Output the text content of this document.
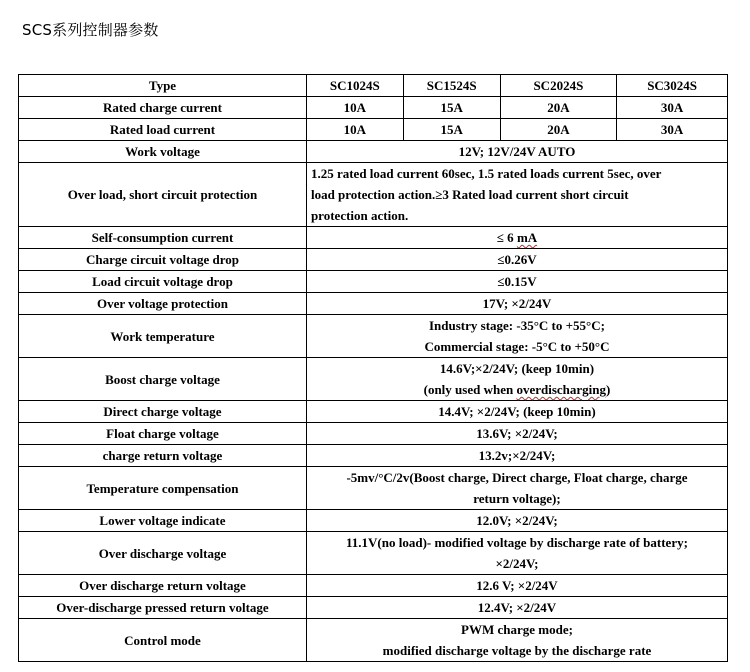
SCS系列控制器参数
Type	SC1024S	SC1524S	SC2024S	SC3024S
Rated charge current	10A	15A	20A	30A
Rated load current	10A	15A	20A	30A
Work voltage	12V; 12V/24V AUTO			
Over load, short circuit protection	1.25 rated load current 60sec, 1.5 rated loads current 5sec, over
load protection action.≥3 Rated load current short circuit
protection action.			

Self-consumption current	≤ 6 mA			
Charge circuit voltage drop	≤0.26V			
Load circuit voltage drop	≤0.15V			
Over voltage protection	17V; ×2/24V			
Work temperature	Industry stage: -35°C to +55°C;
Commercial stage: -5°C to +50°C			

Boost charge voltage	14.6V;×2/24V; (keep 10min)
(only used when overdischarging)			

Direct charge voltage	14.4V; ×2/24V; (keep 10min)			
Float charge voltage	13.6V; ×2/24V;			
charge return voltage	13.2v;×2/24V;			
Temperature compensation	-5mv/°C/2v(Boost charge, Direct charge, Float charge, charge
return voltage);			

Lower voltage indicate	12.0V; ×2/24V;			
Over discharge voltage	11.1V(no load)- modified voltage by discharge rate of battery;
×2/24V;			

Over discharge return voltage	12.6 V; ×2/24V			
Over-discharge pressed return voltage	12.4V; ×2/24V			
Control mode	PWM charge mode;
modified discharge voltage by the discharge rate			
